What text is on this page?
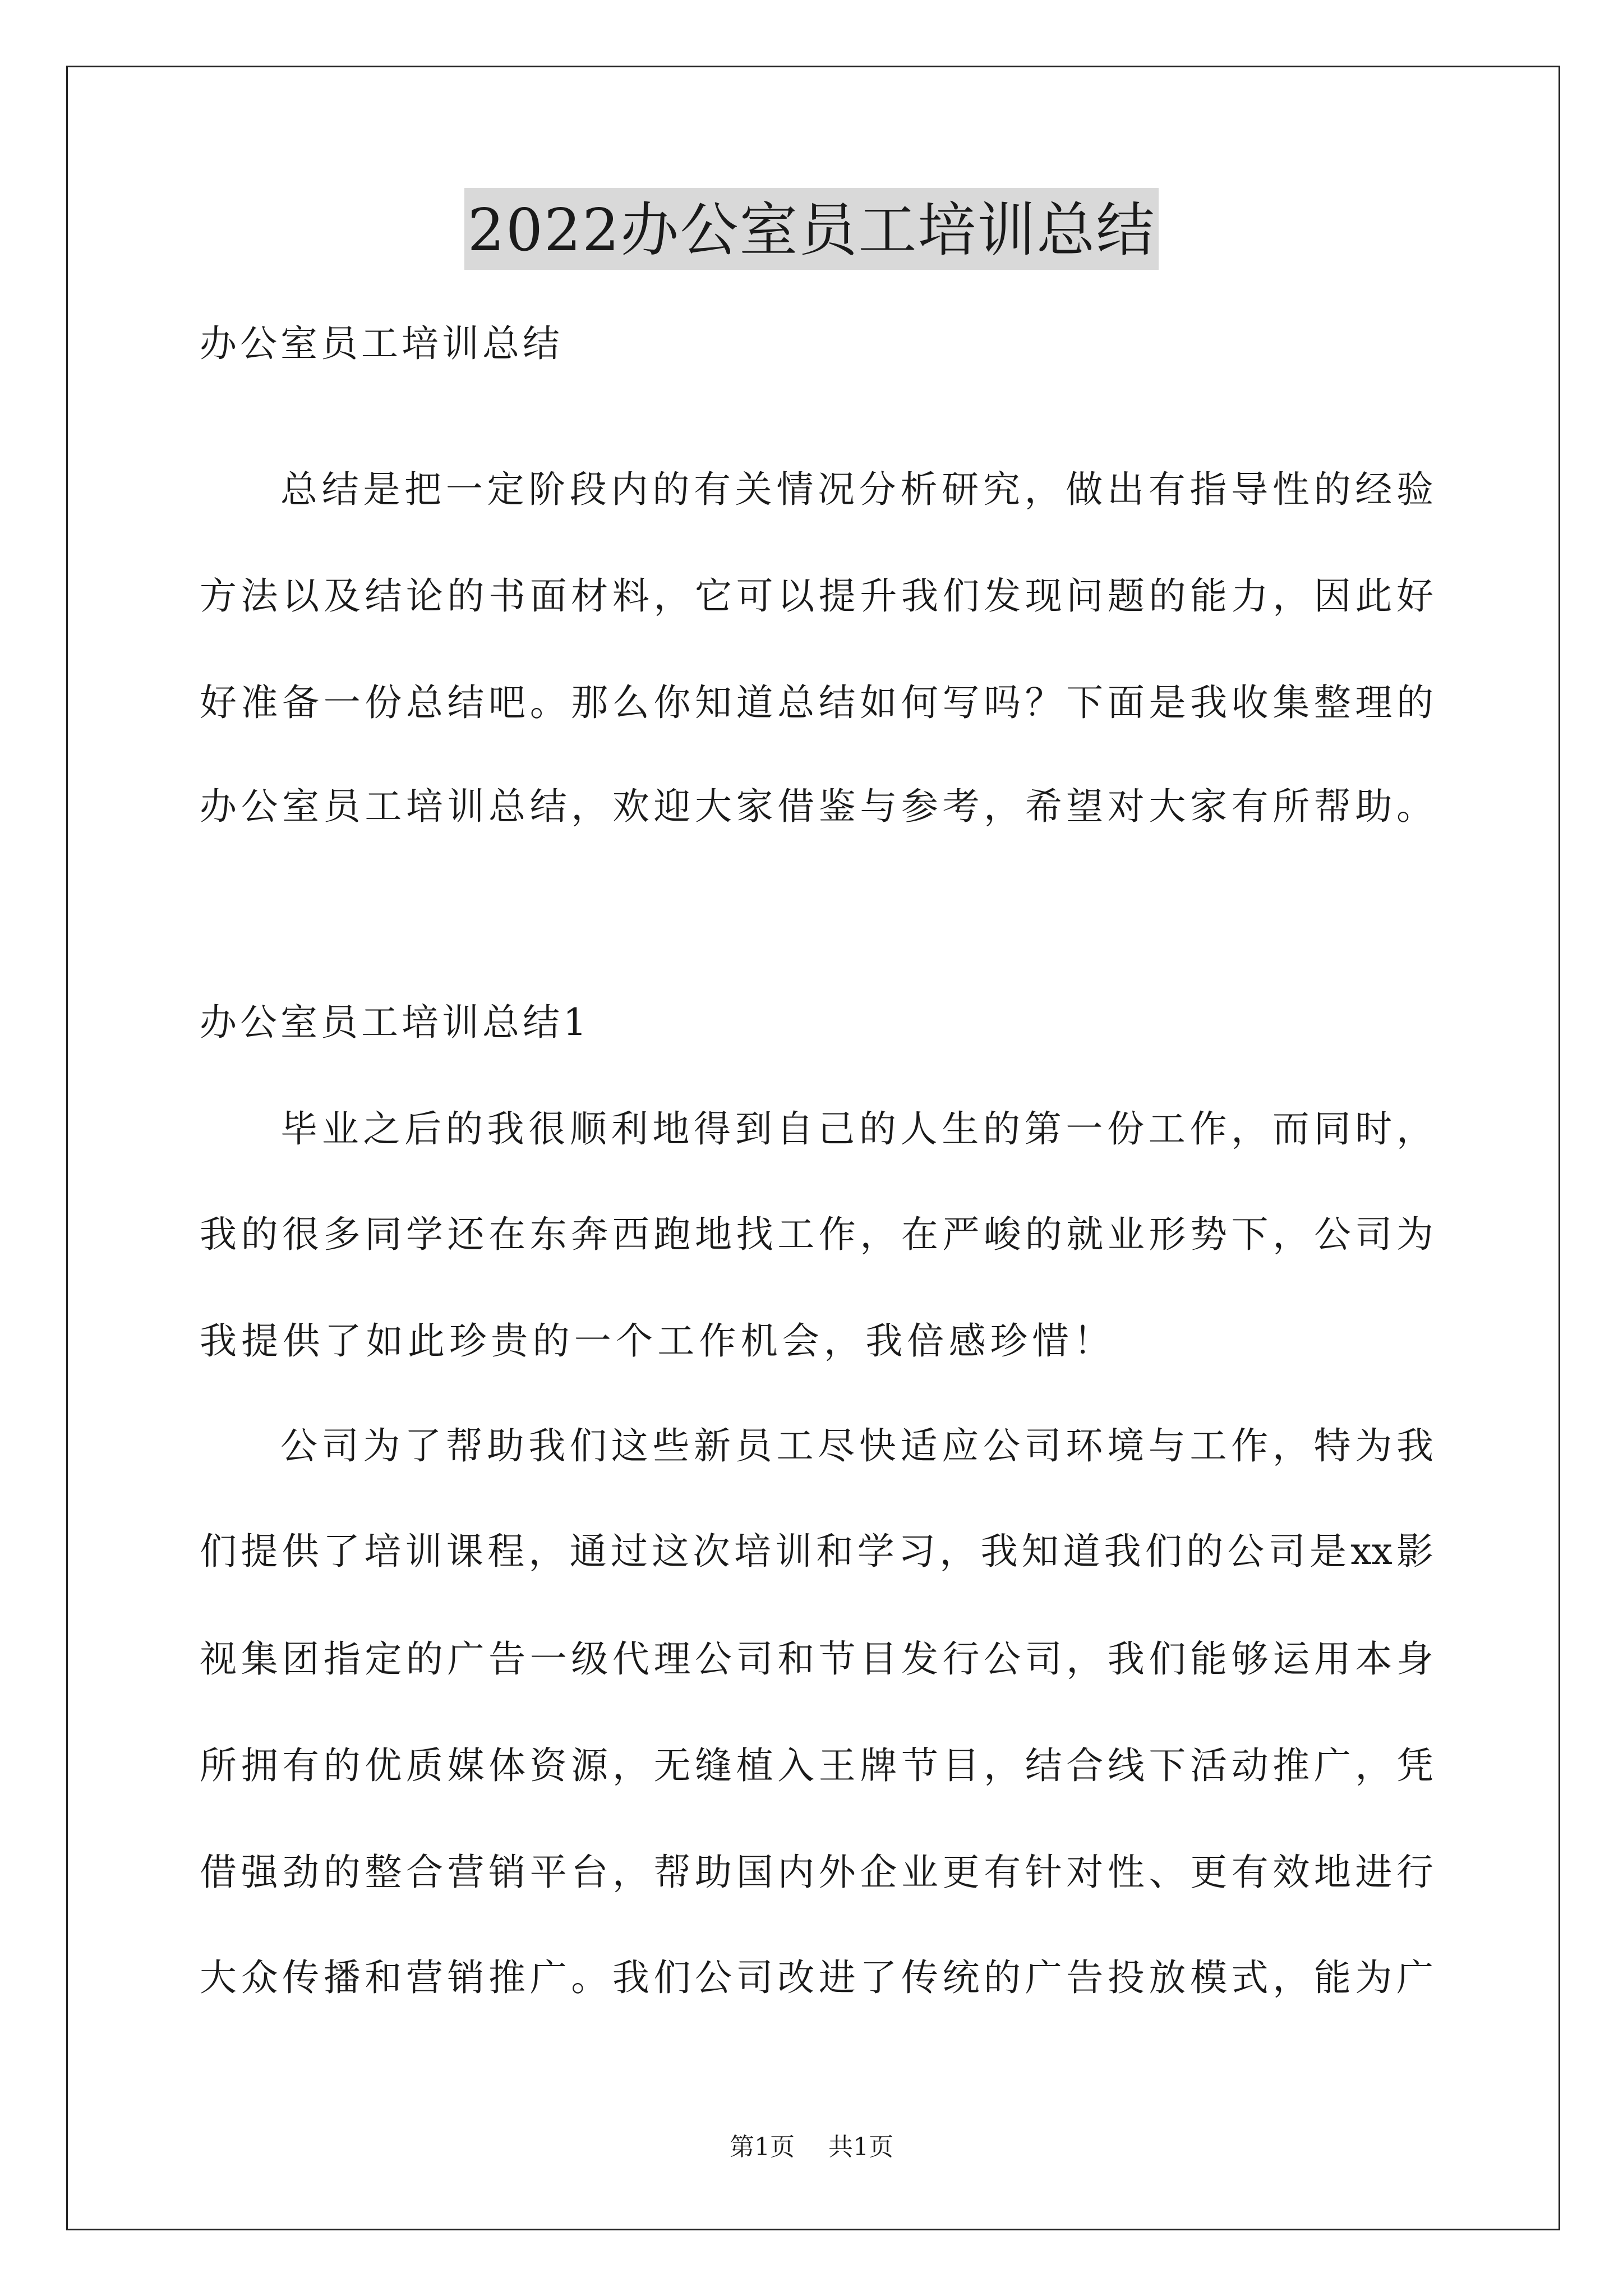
2022办公室员工培训总结
办公室员工培训总结
总结是把一定阶段内的有关情况分析研究，做出有指导性的经验
方法以及结论的书面材料，它可以提升我们发现问题的能力，因此好
好准备一份总结吧。那么你知道总结如何写吗？下面是我收集整理的
办公室员工培训总结，欢迎大家借鉴与参考，希望对大家有所帮助。
办公室员工培训总结1
毕业之后的我很顺利地得到自己的人生的第一份工作，而同时，
我的很多同学还在东奔西跑地找工作，在严峻的就业形势下，公司为
我提供了如此珍贵的一个工作机会，我倍感珍惜！
公司为了帮助我们这些新员工尽快适应公司环境与工作，特为我
们提供了培训课程，通过这次培训和学习，我知道我们的公司是xx影
视集团指定的广告一级代理公司和节目发行公司，我们能够运用本身
所拥有的优质媒体资源，无缝植入王牌节目，结合线下活动推广，凭
借强劲的整合营销平台，帮助国内外企业更有针对性、更有效地进行
大众传播和营销推广。我们公司改进了传统的广告投放模式，能为广
第1页 共1页
